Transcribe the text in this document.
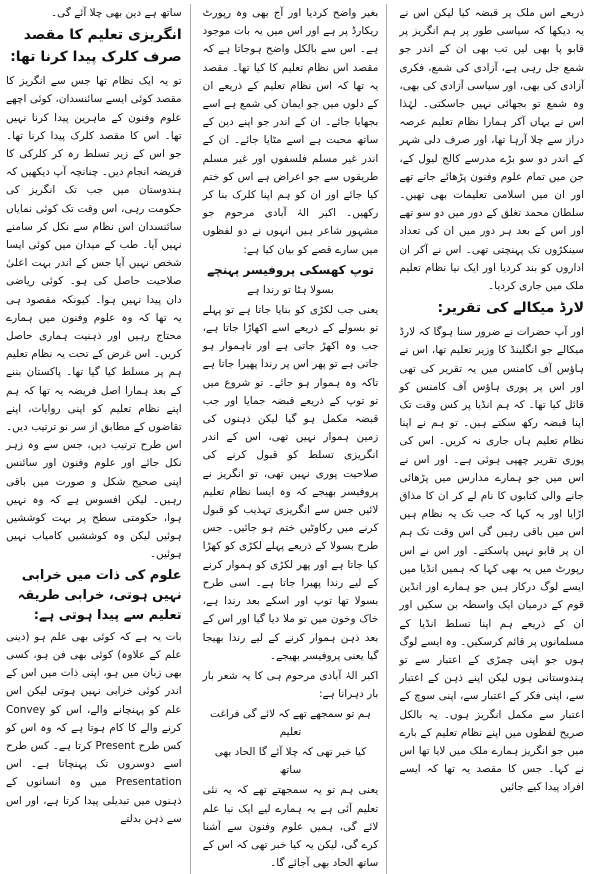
ذریعے اس ملک پر قبضہ کیا لیکن اس نے یہ دیکھا کہ سیاسی طور پر ہم انگریز پر قابو پا بھی لیں تب بھی ان کے اندر جو شمع جل رہی ہے، آزادی کی شمع، فکری آزادی کی بھی، اور سیاسی آزادی کی بھی، وہ شمع تو بجھائی نہیں جاسکتی۔ لہٰذا اس نے یہاں آکر ہمارا نظام تعلیم عرصہ دراز سے چلا آرہا تھا، اور صرف دلی شہر کے اندر دو سو بڑے مدرسے کالج لیول کے، جن میں تمام علوم وفنون پڑھائے جاتے تھے اور ان میں اسلامی تعلیمات بھی تھیں۔ سلطان محمد تغلق کے دور میں دو سو تھے اور اس کے بعد ہر دور میں ان کی تعداد سینکڑوں تک پہنچتی تھی۔ اس نے آکر ان اداروں کو بند کردیا اور ایک نیا نظام تعلیم ملک میں جاری کردیا۔

لارڈ میکالے کی تقریر:

اور آپ حضرات نے ضرور سنا ہوگا کہ لارڈ میکالے جو انگلینڈ کا وزیر تعلیم تھا، اس نے ہاؤس آف کامنس میں یہ تقریر کی تھی اور اس پر پوری ہاؤس آف کامنس کو قائل کیا تھا۔ کہ ہم انڈیا پر کس وقت تک اپنا قبضہ رکھ سکتے ہیں۔ تو ہم نے اپنا نظام تعلیم ہاں جاری نہ کریں۔ اس کی پوری تقریر چھپی ہوئی ہے۔ اور اس نے اس میں جو ہمارے مدارس میں پڑھائی جانے والی کتابوں کا نام لے کر ان کا مذاق اڑایا اور یہ کہا کہ جب تک یہ نظام ہیں اس میں باقی رہیں گی اس وقت تک ہم ان پر قابو نہیں پاسکتے۔ اور اس نے اس رپورٹ میں یہ بھی کہا کہ ہمیں انڈیا میں ایسے لوگ درکار ہیں جو ہمارے اور انڈین قوم کے درمیان ایک واسطہ بن سکیں اور ان کے ذریعے ہم اپنا تسلط انڈیا کے مسلمانوں پر قائم کرسکیں۔ وہ ایسے لوگ ہوں جو اپنی چمڑی کے اعتبار سے تو ہندوستانی ہوں لیکن اپنے ذہن کے اعتبار سے، اپنی فکر کے اعتبار سے، اپنی سوچ کے اعتبار سے مکمل انگریز ہوں۔ یہ بالکل صریح لفظوں میں اپنے نظام تعلیم کے بارے میں جو انگریز ہمارے ملک میں لایا تھا اس نے کہا۔ جس کا مقصد یہ تھا کہ ایسے افراد پیدا کیے جائیں

بغیر واضح کردیا اور آج بھی وہ رپورٹ ریکارڈ پر ہے اور اس میں یہ بات موجود ہے۔ اس سے بالکل واضح ہوجاتا ہے کہ مقصد اس نظام تعلیم کا کیا تھا۔ مقصد یہ تھا کہ اس نظام تعلیم کے ذریعے ان کے دلوں میں جو ایمان کی شمع ہے اسے بجھایا جائے۔ ان کے اندر جو اپنے دین کے ساتھ محبت ہے اسے مٹایا جائے۔ ان کے اندر غیر مسلم فلسفوں اور غیر مسلم طریقوں سے جو اعراض ہے اس کو ختم کیا جائے اور ان کو ہم اپنا کلرک بنا کر رکھیں۔ اکبر الہٰ آبادی مرحوم جو مشہور شاعر ہیں انہوں نے دو لفظوں میں سارے قصے کو بیان کیا ہے:

توپ کھسکی پروفیسر پہنچے
بسولا ہٹا تو رندا ہے

یعنی جب لکڑی کو بنایا جاتا ہے تو پہلے تو بسولے کے ذریعے اسے اکھاڑا جاتا ہے، جب وہ اکھڑ جاتی ہے اور ناہموار ہو جاتی ہے تو پھر اس پر رندا پھیرا جاتا ہے تاکہ وہ ہموار ہو جائے۔ تو شروع میں تو توپ کے ذریعے قبضہ جمایا اور جب قبضہ مکمل ہو گیا لیکن ذہنوں کی زمین ہموار نہیں تھی، اس کے اندر انگریزی تسلط کو قبول کرنے کی صلاحیت پوری نہیں تھی، تو انگریز نے پروفیسر بھیجے کہ وہ ایسا نظام تعلیم لائیں جس سے انگریزی تہذیب کو قبول کرنے میں رکاوٹیں ختم ہو جائیں۔ جس طرح بسولا کے ذریعے پہلے لکڑی کو کھڑا کیا جاتا ہے اور پھر لکڑی کو ہموار کرنے کے لیے رندا پھیرا جاتا ہے۔ اسی طرح بسولا تھا توپ اور اسکے بعد رندا ہے، خاک وخون میں تو ملا دیا گیا اور اس کے بعد ذہن ہموار کرنے کے لیے رندا بھیجا گیا یعنی پروفیسر بھیجے۔

اکبر الہٰ آبادی مرحوم ہی کا یہ شعر بار بار دہرانا ہے:

ہم تو سمجھے تھے کہ لائے گی فراغت تعلیم
کیا خبر تھی کہ چلا آئے گا الحاد بھی ساتھ

یعنی ہم تو یہ سمجھتے تھے کہ یہ نئی تعلیم آئی ہے یہ ہمارے لیے ایک نیا علم لائے گی، ہمیں علوم وفنون سے آشنا کرے گی، لیکن یہ کیا خبر تھی کہ اس کے ساتھ الحاد بھی آجائے گا۔

ساتھ ہے دین بھی چلا آئے گی۔

انگریزی تعلیم کا مقصد صرف کلرک پیدا کرنا تھا:

تو یہ ایک نظام تھا جس سے انگریز کا مقصد کوئی ایسے سائنسدان، کوئی اچھے علوم وفنون کے ماہرین پیدا کرنا نہیں تھا۔ اس کا مقصد کلرک پیدا کرنا تھا۔ جو اس کے زیر تسلط رہ کر کلرکی کا فریضہ انجام دیں۔ چنانچہ آپ دیکھیں کہ ہندوستان میں جب تک انگریز کی حکومت رہی، اس وقت تک کوئی نمایاں سائنسدان اس نظام سے نکل کر سامنے نہیں آیا۔ طب کے میدان میں کوئی ایسا شخص نہیں آیا جس کے اندر بہت اعلیٰ صلاحیت حاصل کی ہو۔ کوئی ریاضی دان پیدا نہیں ہوا۔ کیونکہ مقصود ہی یہ تھا کہ وہ علوم وفنون میں ہمارے محتاج رہیں اور ذہنیت ہماری حاصل کریں۔ اس غرض کے تحت یہ نظام تعلیم ہم پر مسلط کیا گیا تھا۔ پاکستان بننے کے بعد ہمارا اصل فریضہ یہ تھا کہ ہم اپنے نظام تعلیم کو اپنی روایات، اپنے تقاضوں کے مطابق از سر نو ترتیب دیں۔ اس طرح ترتیب دیں، جس سے وہ زہر نکل جائے اور علوم وفنون اور سائنس اپنی صحیح شکل و صورت میں باقی رہیں۔ لیکن افسوس ہے کہ وہ نہیں ہوا، حکومتی سطح پر بہت کوششیں ہوئیں لیکن وہ کوششیں کامیاب نہیں ہوئیں۔

علوم کی ذات میں خرابی نہیں ہوتی، خرابی طریقہ تعلیم سے پیدا ہوتی ہے:

بات یہ ہے کہ کوئی بھی علم ہو (دینی علم کے علاوہ) کوئی بھی فن ہو، کسی بھی زبان میں ہو، اپنی ذات میں اس کے اندر کوئی خرابی نہیں ہوتی لیکن اس علم کو پہنچانے والے، اس کو Convey کرنے والے کا کام ہوتا ہے کہ وہ اس کو کس طرح Present کرتا ہے۔ کس طرح اسے دوسروں تک پہنچاتا ہے۔ اس Presentation میں وہ انسانوں کے ذہنوں میں تبدیلی پیدا کرتا ہے، اور اس سے ذہن بدلتے
